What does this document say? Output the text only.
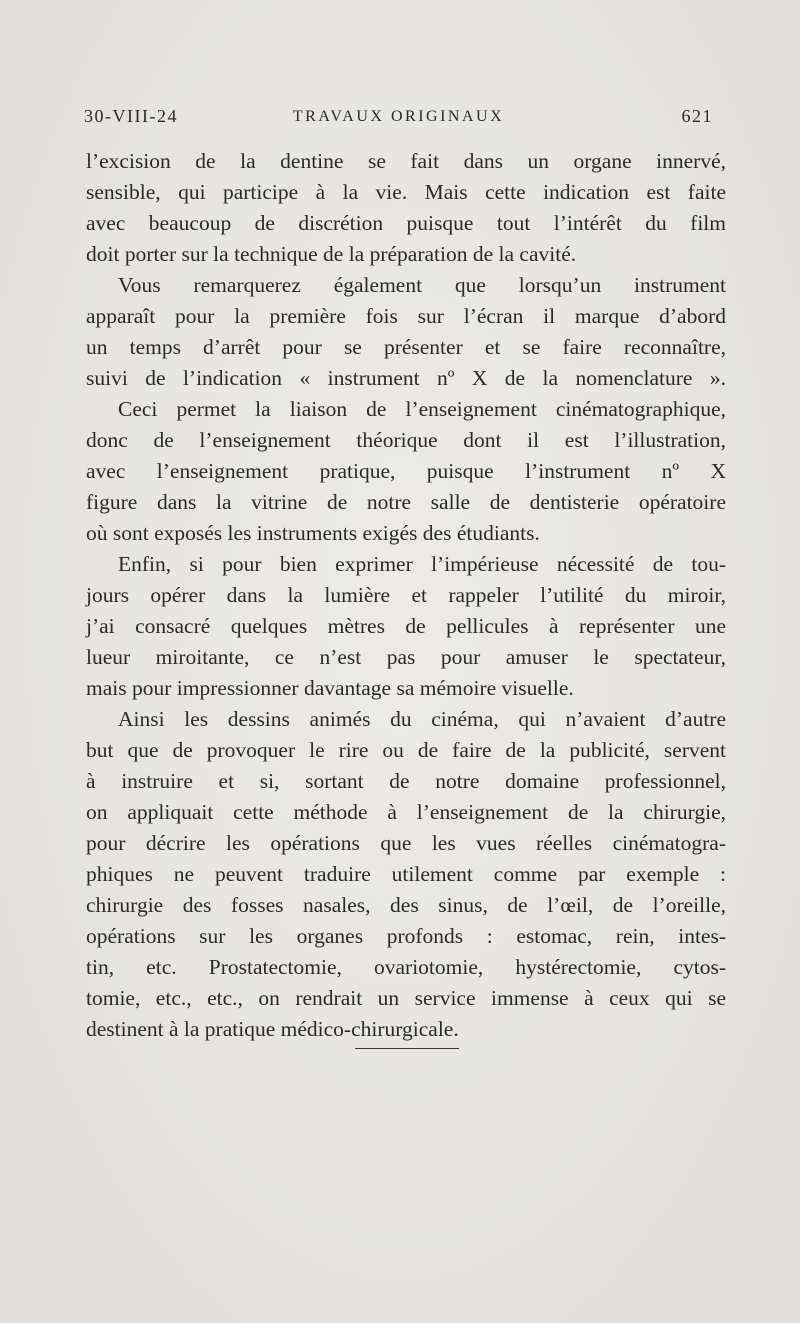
30-VIII-24	TRAVAUX ORIGINAUX	621
l’excision de la dentine se fait dans un organe innervé,
sensible, qui participe à la vie. Mais cette indication est faite
avec beaucoup de discrétion puisque tout l’intérêt du film
doit porter sur la technique de la préparation de la cavité.
Vous remarquerez également que lorsqu’un instrument
apparaît pour la première fois sur l’écran il marque d’abord
un temps d’arrêt pour se présenter et se faire reconnaître,
suivi de l’indication « instrument nº X de la nomenclature ».
Ceci permet la liaison de l’enseignement cinématographique,
donc de l’enseignement théorique dont il est l’illustration,
avec l’enseignement pratique, puisque l’instrument nº X
figure dans la vitrine de notre salle de dentisterie opératoire
où sont exposés les instruments exigés des étudiants.
Enfin, si pour bien exprimer l’impérieuse nécessité de tou-
jours opérer dans la lumière et rappeler l’utilité du miroir,
j’ai consacré quelques mètres de pellicules à représenter une
lueur miroitante, ce n’est pas pour amuser le spectateur,
mais pour impressionner davantage sa mémoire visuelle.
Ainsi les dessins animés du cinéma, qui n’avaient d’autre
but que de provoquer le rire ou de faire de la publicité, servent
à instruire et si, sortant de notre domaine professionnel,
on appliquait cette méthode à l’enseignement de la chirurgie,
pour décrire les opérations que les vues réelles cinématogra-
phiques ne peuvent traduire utilement comme par exemple :
chirurgie des fosses nasales, des sinus, de l’œil, de l’oreille,
opérations sur les organes profonds : estomac, rein, intes-
tin, etc. Prostatectomie, ovariotomie, hystérectomie, cytos-
tomie, etc., etc., on rendrait un service immense à ceux qui se
destinent à la pratique médico-chirurgicale.
